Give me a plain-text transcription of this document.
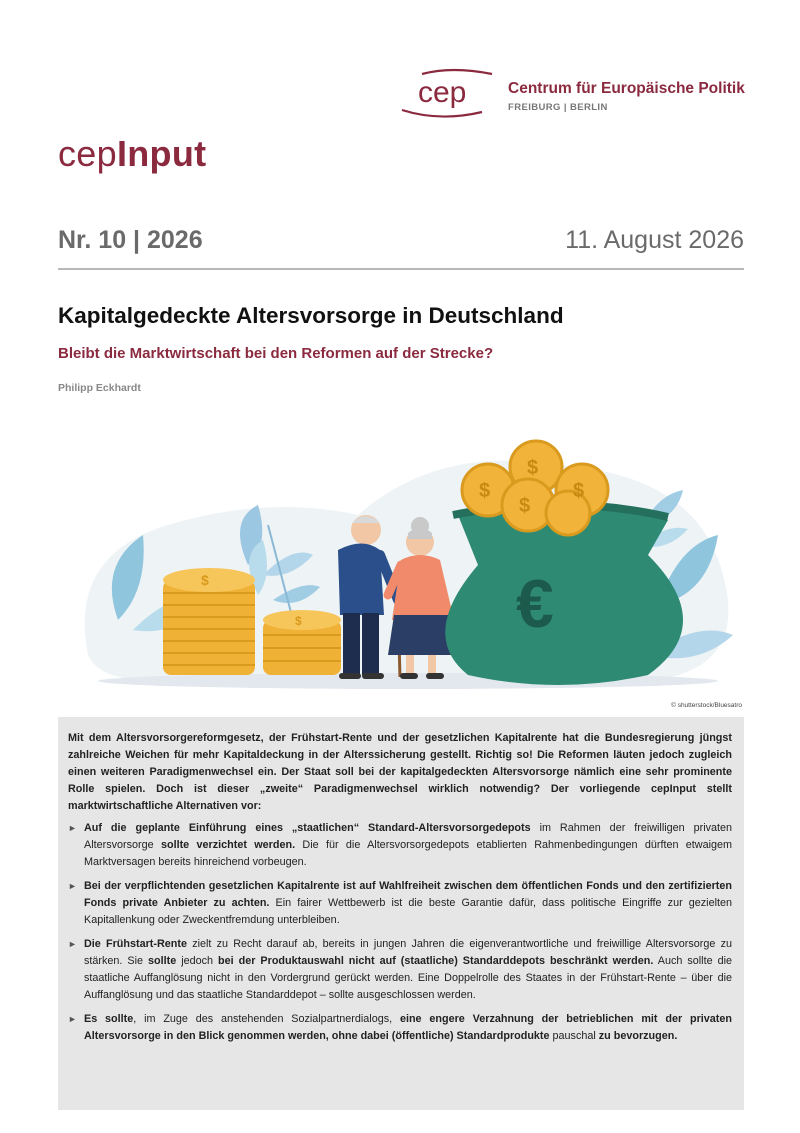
cep	Centrum für Europäische Politik
FREIBURG | BERLIN
cepInput
Nr. 10 | 2026	11. August 2026
Kapitalgedeckte Altersvorsorge in Deutschland
Bleibt die Marktwirtschaft bei den Reformen auf der Strecke?
Philipp Eckhardt
$
$	€
$
$
$
$
© shutterstock/Bluesatro

Mit dem Altersvorsorgereformgesetz, der Frühstart-Rente und der gesetzlichen Kapitalrente hat die Bundesregierung jüngst zahlreiche Weichen für mehr Kapitaldeckung in der Alterssicherung gestellt. Richtig so! Die Reformen läuten jedoch zugleich einen weiteren Paradigmenwechsel ein. Der Staat soll bei der kapitalgedeckten Altersvorsorge nämlich eine sehr prominente Rolle spielen. Doch ist dieser „zweite“ Paradigmenwechsel wirklich notwendig? Der vorliegende cepInput stellt marktwirtschaftliche Alternativen vor:

► Auf die geplante Einführung eines „staatlichen“ Standard-Altersvorsorgedepots im Rahmen der freiwilligen privaten Altersvorsorge sollte verzichtet werden. Die für die Altersvorsorgedepots etablierten Rahmenbedingungen dürften etwaigem Marktversagen bereits hinreichend vorbeugen.
► Bei der verpflichtenden gesetzlichen Kapitalrente ist auf Wahlfreiheit zwischen dem öffentlichen Fonds und den zertifizierten Fonds private Anbieter zu achten. Ein fairer Wettbewerb ist die beste Garantie dafür, dass politische Eingriffe zur gezielten Kapitallenkung oder Zweckentfremdung unterbleiben.
► Die Frühstart-Rente zielt zu Recht darauf ab, bereits in jungen Jahren die eigenverantwortliche und freiwillige Altersvorsorge zu stärken. Sie sollte jedoch bei der Produktauswahl nicht auf (staatliche) Standarddepots beschränkt werden. Auch sollte die staatliche Auffanglösung nicht in den Vordergrund gerückt werden. Eine Doppelrolle des Staates in der Frühstart-Rente – über die Auffanglösung und das staatliche Standarddepot – sollte ausgeschlossen werden.
► Es sollte, im Zuge des anstehenden Sozialpartnerdialogs, eine engere Verzahnung der betrieblichen mit der privaten Altersvorsorge in den Blick genommen werden, ohne dabei (öffentliche) Standardprodukte pauschal zu bevorzugen.
